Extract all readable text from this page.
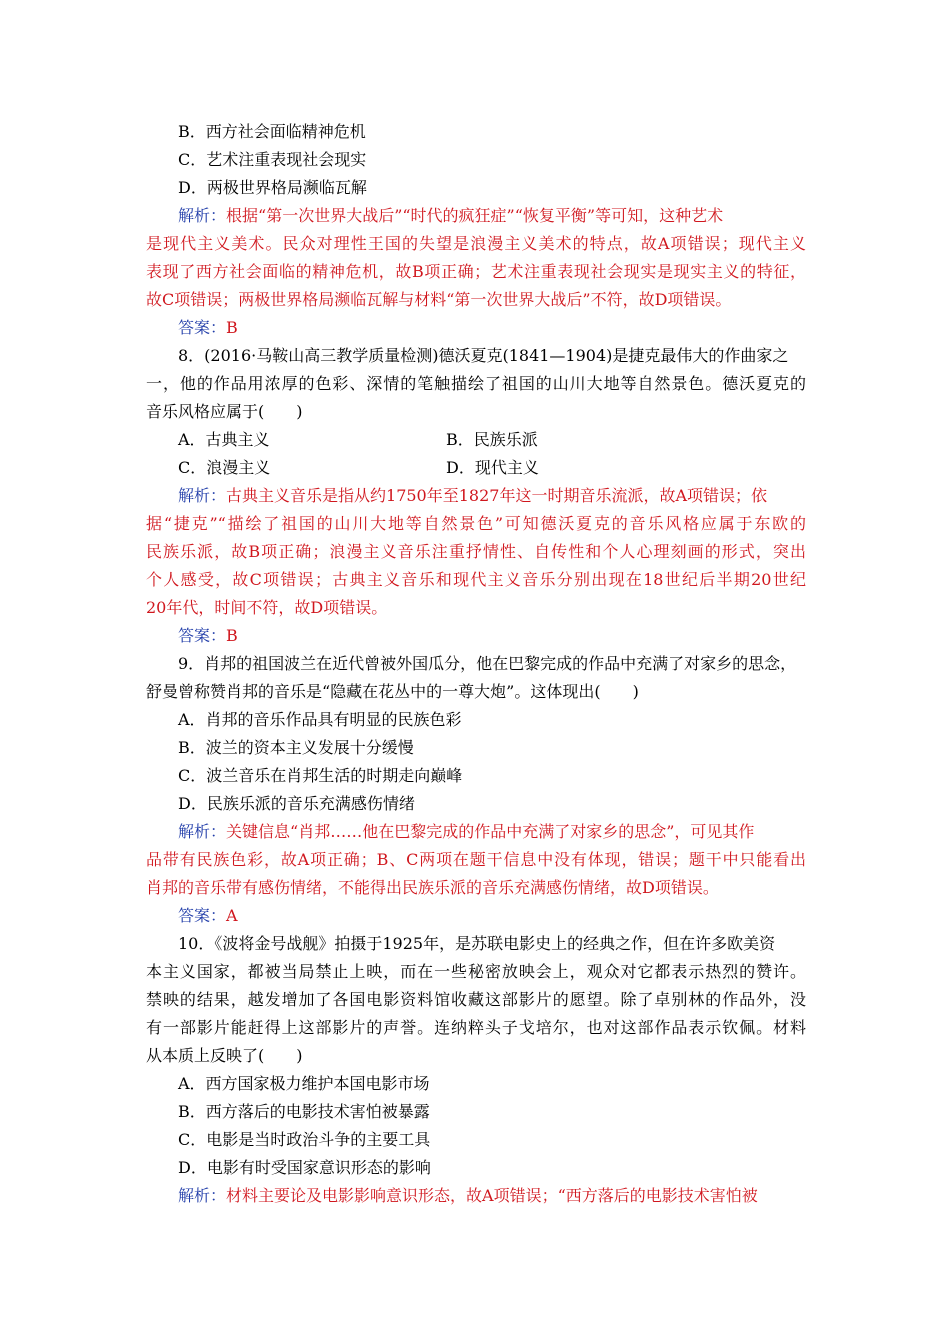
B．西方社会面临精神危机
C．艺术注重表现社会现实
D．两极世界格局濒临瓦解
解析：根据“第一次世界大战后”“时代的疯狂症”“恢复平衡”等可知，这种艺术
是现代主义美术。民众对理性王国的失望是浪漫主义美术的特点，故A项错误；现代主义
表现了西方社会面临的精神危机，故B项正确；艺术注重表现社会现实是现实主义的特征，
故C项错误；两极世界格局濒临瓦解与材料“第一次世界大战后”不符，故D项错误。
答案：B
8．(2016·马鞍山高三教学质量检测)德沃夏克(1841—1904)是捷克最伟大的作曲家之
一，他的作品用浓厚的色彩、深情的笔触描绘了祖国的山川大地等自然景色。德沃夏克的
音乐风格应属于(　　)
A．古典主义	B．民族乐派
C．浪漫主义	D．现代主义
解析：古典主义音乐是指从约1750年至1827年这一时期音乐流派，故A项错误；依
据“捷克”“描绘了祖国的山川大地等自然景色”可知德沃夏克的音乐风格应属于东欧的
民族乐派，故B项正确；浪漫主义音乐注重抒情性、自传性和个人心理刻画的形式，突出
个人感受，故C项错误；古典主义音乐和现代主义音乐分别出现在18世纪后半期20世纪
20年代，时间不符，故D项错误。
答案：B
9．肖邦的祖国波兰在近代曾被外国瓜分，他在巴黎完成的作品中充满了对家乡的思念，
舒曼曾称赞肖邦的音乐是“隐藏在花丛中的一尊大炮”。这体现出(　　)
A．肖邦的音乐作品具有明显的民族色彩
B．波兰的资本主义发展十分缓慢
C．波兰音乐在肖邦生活的时期走向巅峰
D．民族乐派的音乐充满感伤情绪
解析：关键信息“肖邦……他在巴黎完成的作品中充满了对家乡的思念”，可见其作
品带有民族色彩，故A项正确；B、C两项在题干信息中没有体现，错误；题干中只能看出
肖邦的音乐带有感伤情绪，不能得出民族乐派的音乐充满感伤情绪，故D项错误。
答案：A
10．《波将金号战舰》拍摄于1925年，是苏联电影史上的经典之作，但在许多欧美资
本主义国家，都被当局禁止上映，而在一些秘密放映会上，观众对它都表示热烈的赞许。
禁映的结果，越发增加了各国电影资料馆收藏这部影片的愿望。除了卓别林的作品外，没
有一部影片能赶得上这部影片的声誉。连纳粹头子戈培尔，也对这部作品表示钦佩。材料
从本质上反映了(　　)
A．西方国家极力维护本国电影市场
B．西方落后的电影技术害怕被暴露
C．电影是当时政治斗争的主要工具
D．电影有时受国家意识形态的影响
解析：材料主要论及电影影响意识形态，故A项错误；“西方落后的电影技术害怕被
